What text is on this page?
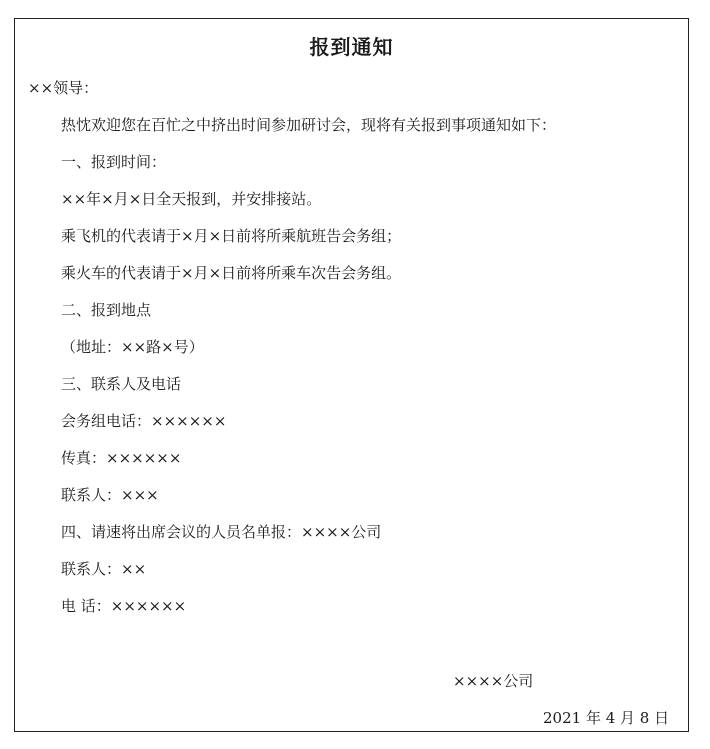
报到通知
××领导：
热忱欢迎您在百忙之中挤出时间参加研讨会，现将有关报到事项通知如下：
一、报到时间：
××年×月×日全天报到，并安排接站。
乘飞机的代表请于×月×日前将所乘航班告会务组；
乘火车的代表请于×月×日前将所乘车次告会务组。
二、报到地点
（地址：××路×号）
三、联系人及电话
会务组电话：××××××
传真：××××××
联系人：×××
四、请速将出席会议的人员名单报：××××公司
联系人：××
电 话：××××××
××××公司
2021 年 4 月 8 日
